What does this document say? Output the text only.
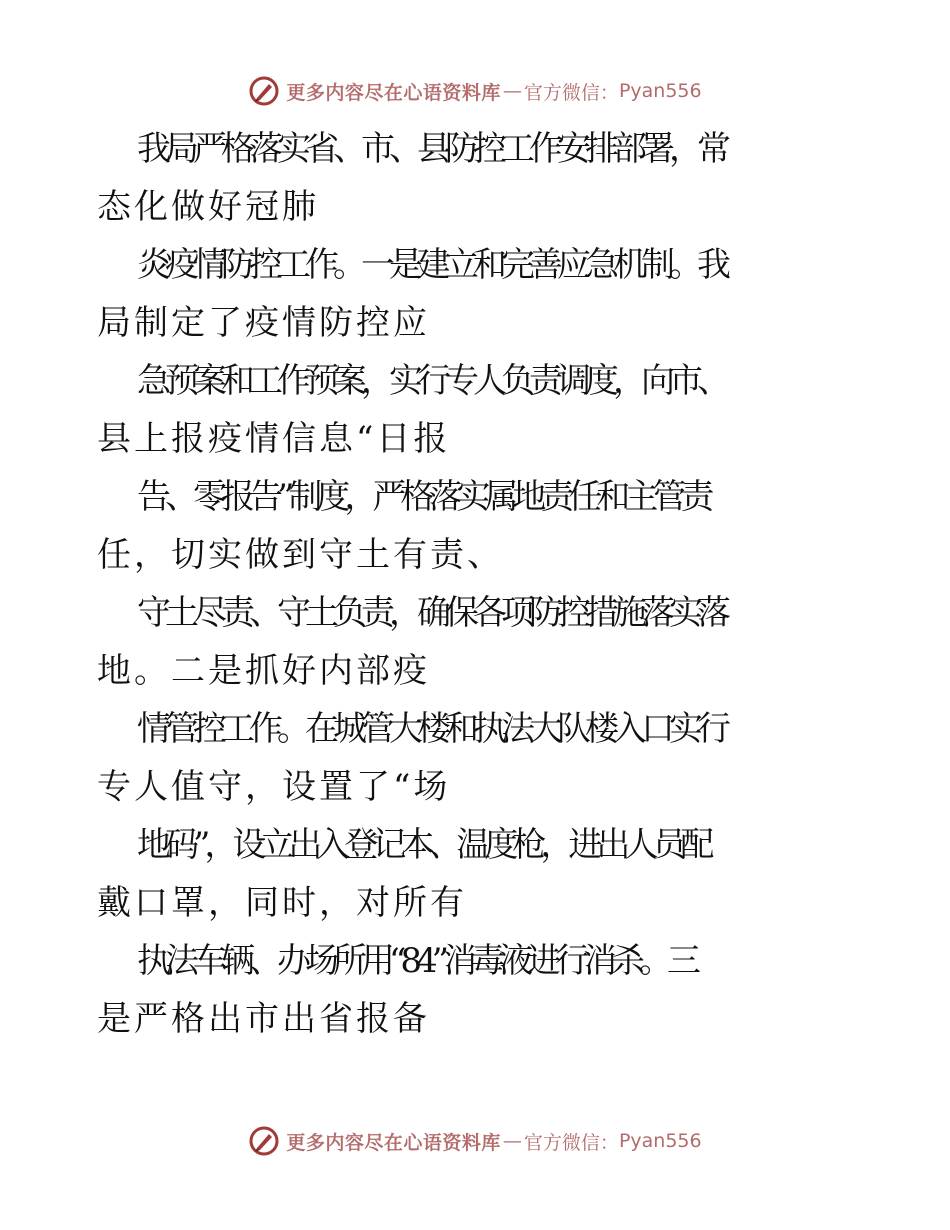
更多内容尽在心语资料库 — 官方微信： Pyan556

我局严格落实省、市、县防控工作安排部署，常
态化做好冠肺

炎疫情防控工作。一是建立和完善应急机制。我
局制定了疫情防控应

急预案和工作预案，实行专人负责调度，向市、
县上报疫情信息“日报

告、零报告”制度，严格落实属地责任和主管责
任，切实做到守土有责、

守土尽责、守土负责，确保各项防控措施落实落
地。二是抓好内部疫

情管控工作。在城管大楼和执法大队楼入口实行
专人值守，设置了“场

地码”，设立出入登记本、温度枪，进出人员配
戴口罩，同时，对所有

执法车辆、办场所用“84”消毒液进行消杀。三
是严格出市出省报备

更多内容尽在心语资料库 — 官方微信： Pyan556
